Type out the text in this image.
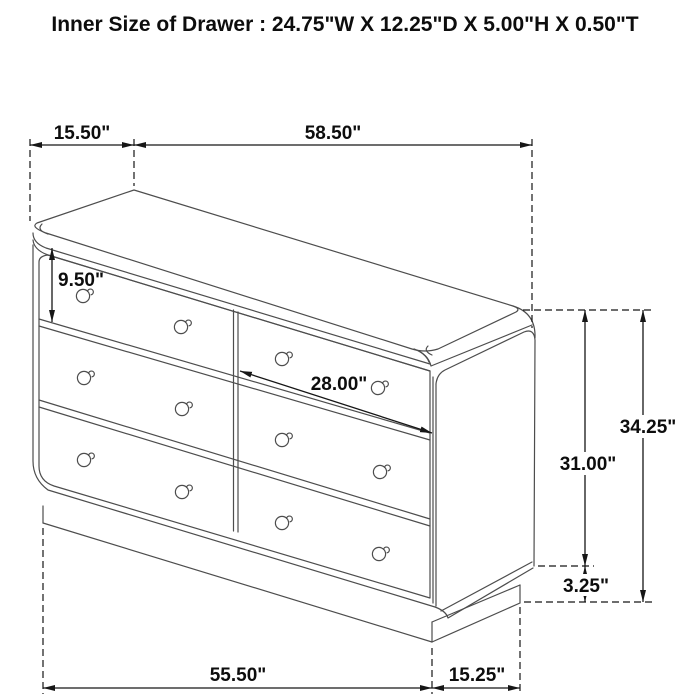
15.50"	58.50"
9.50"
28.00"
34.25"
31.00"
3.25"
55.50"	15.25"
Inner Size of Drawer : 24.75"W X 12.25"D X 5.00"H X 0.50"T
